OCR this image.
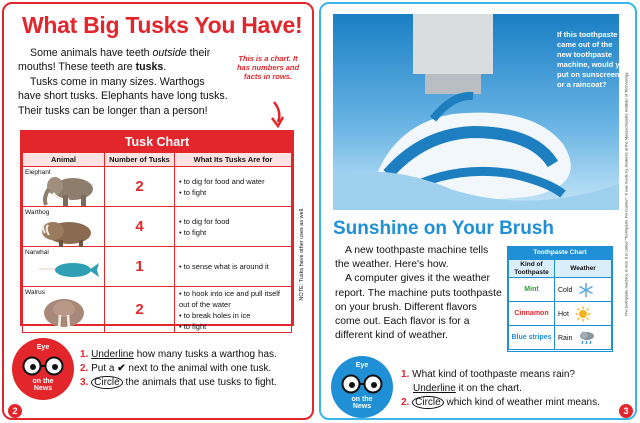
What Big Tusks You Have!
Some animals have teeth outside their mouths! These teeth are tusks.
Tusks come in many sizes. Warthogs have short tusks. Elephants have long tusks. Their tusks can be longer than a person!
This is a chart. It has numbers and facts in rows.
Tusk Chart
Animal	Number of Tusks	What Its Tusks Are for

Elephant	2	• to dig for food and water
• to fight

Warthog	4	• to dig for food
• to fight

Narwhal	1	• to sense what is around it

Walrus	2	• to hook into ice and pull itself out of the water
• to break holes in ice
• to fight
NOTE: Tusks have other uses as well.
Eye
on the
News
1. Underline how many tusks a warthog has.
2. Put a ✔ next to the animal with one tusk.
3. Circle the animals that use tusks to fight.
2
If this toothpaste came out of the new toothpaste machine, would you put on sunscreen or a raincoat?	The toothpaste machine is real. It is called "Toothpaste Forecaster". It was made by students at the Massachusetts Institute of Technology.
Sunshine on Your Brush
A new toothpaste machine tells the weather. Here's how.
A computer gives it the weather report. The machine puts toothpaste on your brush. Different flavors come out. Each flavor is for a different kind of weather.
Toothpaste Chart
Kind of Toothpaste	Weather
Mint	Cold
Cinnamon	Hot
Blue stripes	Rain
Eye
on the
News
1. What kind of toothpaste means rain?
Underline it on the chart.
2. Circle which kind of weather mint means.
3
